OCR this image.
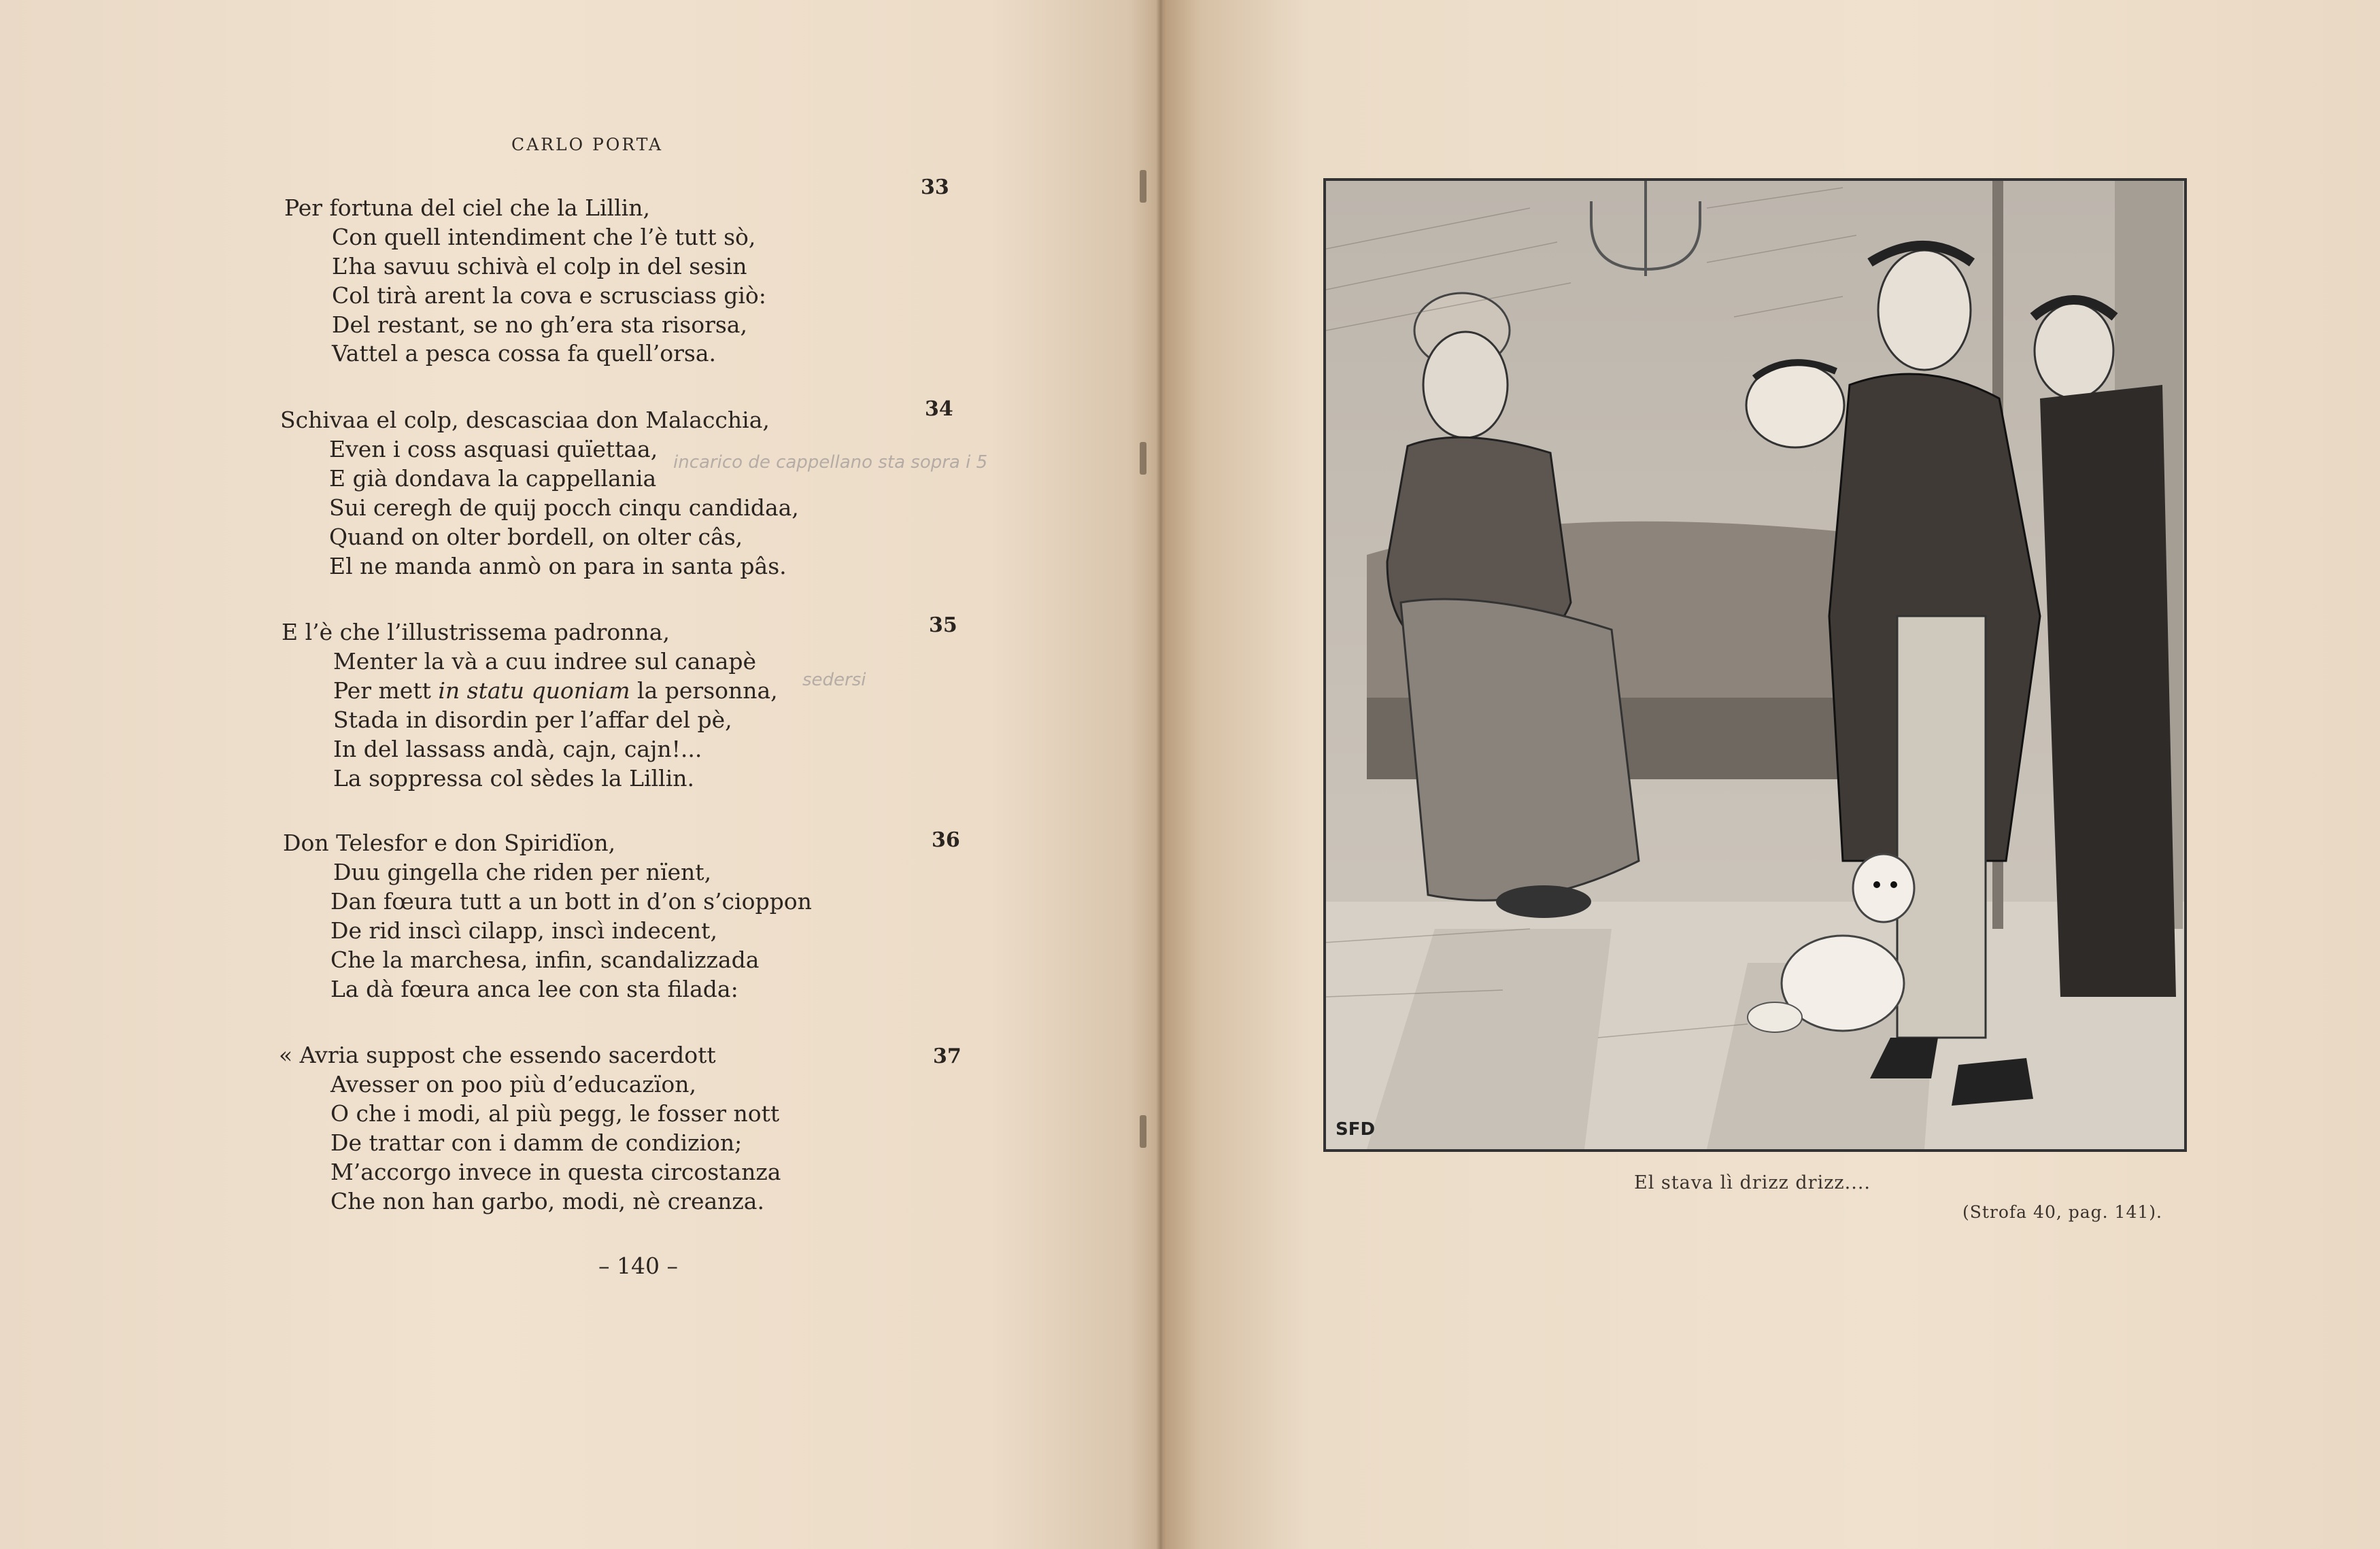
CARLO PORTA
33
Per fortuna del ciel che la Lillin,
Con quell intendiment che l’è tutt sò,
L’ha savuu schivà el colp in del sesin
Col tirà arent la cova e scrusciass giò:
Del restant, se no gh’era sta risorsa,
Vattel a pesca cossa fa quell’orsa.
34
Schivaa el colp, descasciaa don Malacchia,
Even i coss asquasi quïettaa,
E già dondava la cappellania
Sui ceregh de quij pocch cinqu candidaa,
Quand on olter bordell, on olter câs,
El ne manda anmò on para in santa pâs.
incarico de cappellano sta sopra i 5
35
E l’è che l’illustrissema padronna,
Menter la và a cuu indree sul canapè
Per mett in statu quoniam la personna,
Stada in disordin per l’affar del pè,
In del lassass andà, cajn, cajn!...
La soppressa col sèdes la Lillin.
sedersi
36
Don Telesfor e don Spiridïon,
Duu gingella che riden per nïent,
Dan fœura tutt a un bott in d’on s’cioppon
De rid inscì cilapp, inscì indecent,
Che la marchesa, infin, scandalizzada
La dà fœura anca lee con sta filada:
37
« Avria suppost che essendo sacerdott
Avesser on poo più d’educazïon,
O che i modi, al più pegg, le fosser nott
De trattar con i damm de condizion;
M’accorgo invece in questa circostanza
Che non han garbo, modi, nè creanza.
– 140 –
SFD
El stava lì drizz drizz....
(Strofa 40, pag. 141).
